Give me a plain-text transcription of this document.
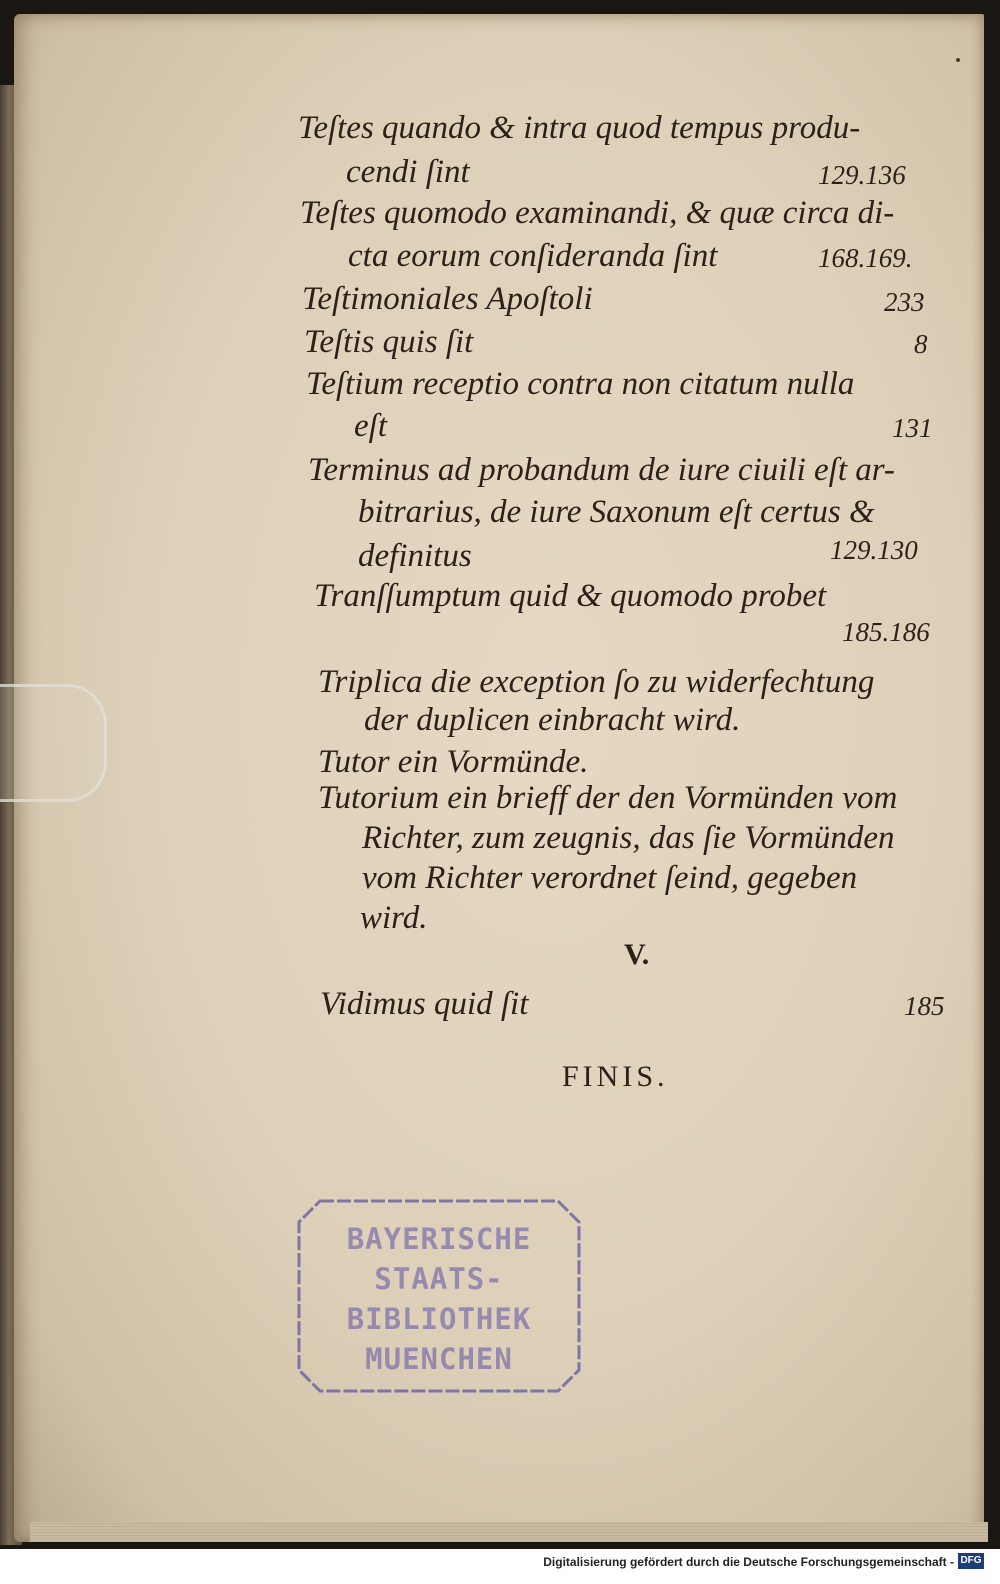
Teſtes quando & intra quod tempus produ-
cendi ſint	129.136
Teſtes quomodo examinandi, & quæ circa di-
cta eorum conſideranda ſint	168.169.
Teſtimoniales Apoſtoli	233
Teſtis quis ſit	8
Teſtium receptio contra non citatum nulla
eſt	131
Terminus ad probandum de iure ciuili eſt ar-
bitrarius, de iure Saxonum eſt certus &
definitus	129.130
Tranſſumptum quid & quomodo probet
185.186
Triplica die exception ſo zu widerfechtung
der duplicen einbracht wird.
Tutor ein Vormünde.
Tutorium ein brieff der den Vormünden vom
Richter, zum zeugnis, das ſie Vormünden
vom Richter verordnet ſeind, gegeben
wird.
V.
Vidimus quid ſit	185
FINIS.
BAYERISCHE
STAATS-
BIBLIOTHEK
MUENCHEN
Digitalisierung gefördert durch die Deutsche Forschungsgemeinschaft - DFG
